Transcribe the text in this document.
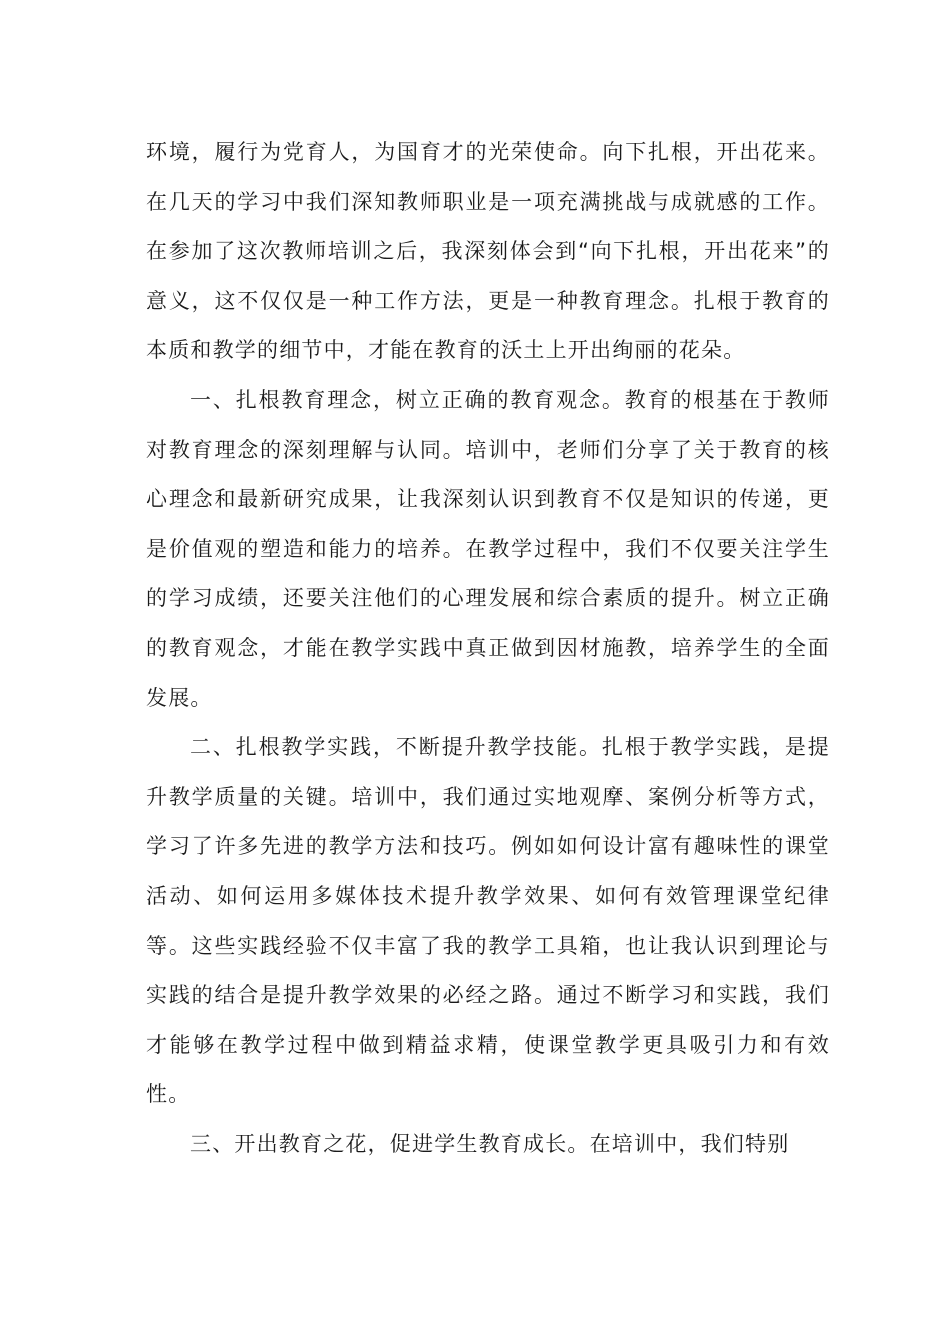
环境，履行为党育人，为国育才的光荣使命。向下扎根，开出花来。在几天的学习中我们深知教师职业是一项充满挑战与成就感的工作。在参加了这次教师培训之后，我深刻体会到“向下扎根，开出花来”的意义，这不仅仅是一种工作方法，更是一种教育理念。扎根于教育的本质和教学的细节中，才能在教育的沃土上开出绚丽的花朵。

一、扎根教育理念，树立正确的教育观念。教育的根基在于教师对教育理念的深刻理解与认同。培训中，老师们分享了关于教育的核心理念和最新研究成果，让我深刻认识到教育不仅是知识的传递，更是价值观的塑造和能力的培养。在教学过程中，我们不仅要关注学生的学习成绩，还要关注他们的心理发展和综合素质的提升。树立正确的教育观念，才能在教学实践中真正做到因材施教，培养学生的全面发展。

二、扎根教学实践，不断提升教学技能。扎根于教学实践，是提升教学质量的关键。培训中，我们通过实地观摩、案例分析等方式，学习了许多先进的教学方法和技巧。例如如何设计富有趣味性的课堂活动、如何运用多媒体技术提升教学效果、如何有效管理课堂纪律等。这些实践经验不仅丰富了我的教学工具箱，也让我认识到理论与实践的结合是提升教学效果的必经之路。通过不断学习和实践，我们才能够在教学过程中做到精益求精，使课堂教学更具吸引力和有效性。

三、开出教育之花，促进学生教育成长。在培训中，我们特别
